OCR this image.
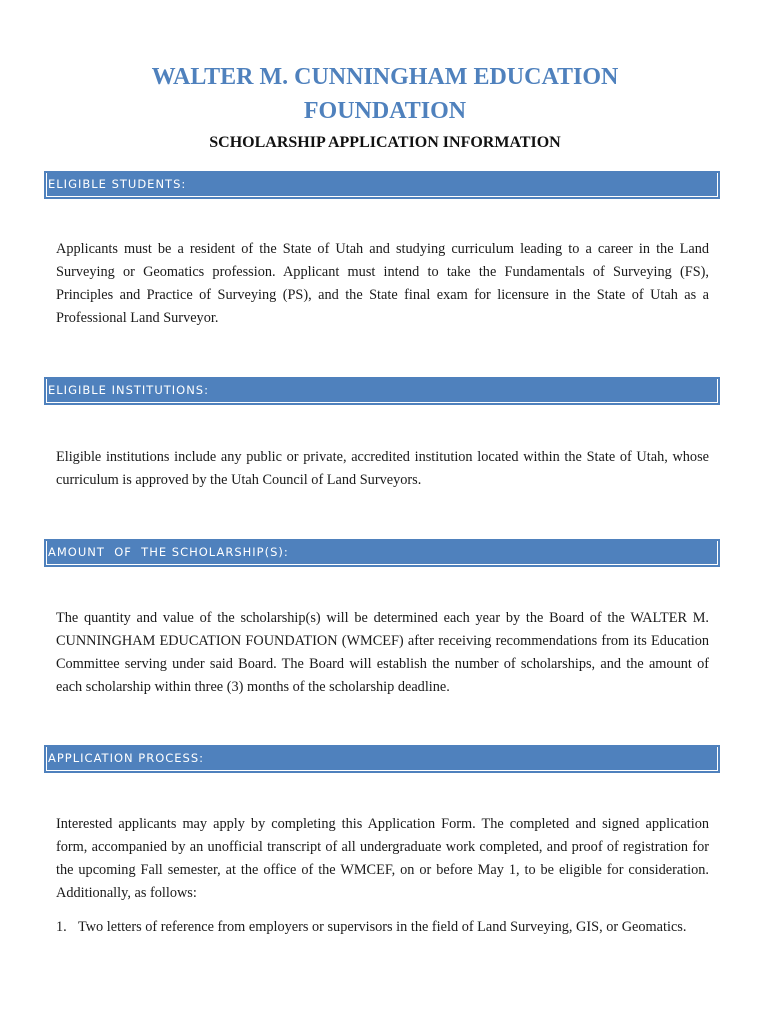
WALTER M. CUNNINGHAM EDUCATION
FOUNDATION
SCHOLARSHIP APPLICATION INFORMATION
ELIGIBLE STUDENTS:

Applicants must be a resident of the State of Utah and studying curriculum leading to a career in the Land Surveying or Geomatics profession. Applicant must intend to take the Fundamentals of Surveying (FS), Principles and Practice of Surveying (PS), and the State final exam for licensure in the State of Utah as a Professional Land Surveyor.

ELIGIBLE INSTITUTIONS:

Eligible institutions include any public or private, accredited institution located within the State of Utah, whose curriculum is approved by the Utah Council of Land Surveyors.

AMOUNT  OF  THE SCHOLARSHIP(S):

The quantity and value of the scholarship(s) will be determined each year by the Board of the WALTER M. CUNNINGHAM EDUCATION FOUNDATION (WMCEF) after receiving recommendations from its Education Committee serving under said Board. The Board will establish the number of scholarships, and the amount of each scholarship within three (3) months of the scholarship deadline.

APPLICATION PROCESS:

Interested applicants may apply by completing this Application Form. The completed and signed application form, accompanied by an unofficial transcript of all undergraduate work completed, and proof of registration for the upcoming Fall semester, at the office of the WMCEF, on or before May 1, to be eligible for consideration. Additionally, as follows:

1. Two letters of reference from employers or supervisors in the field of Land Surveying, GIS, or Geomatics.
